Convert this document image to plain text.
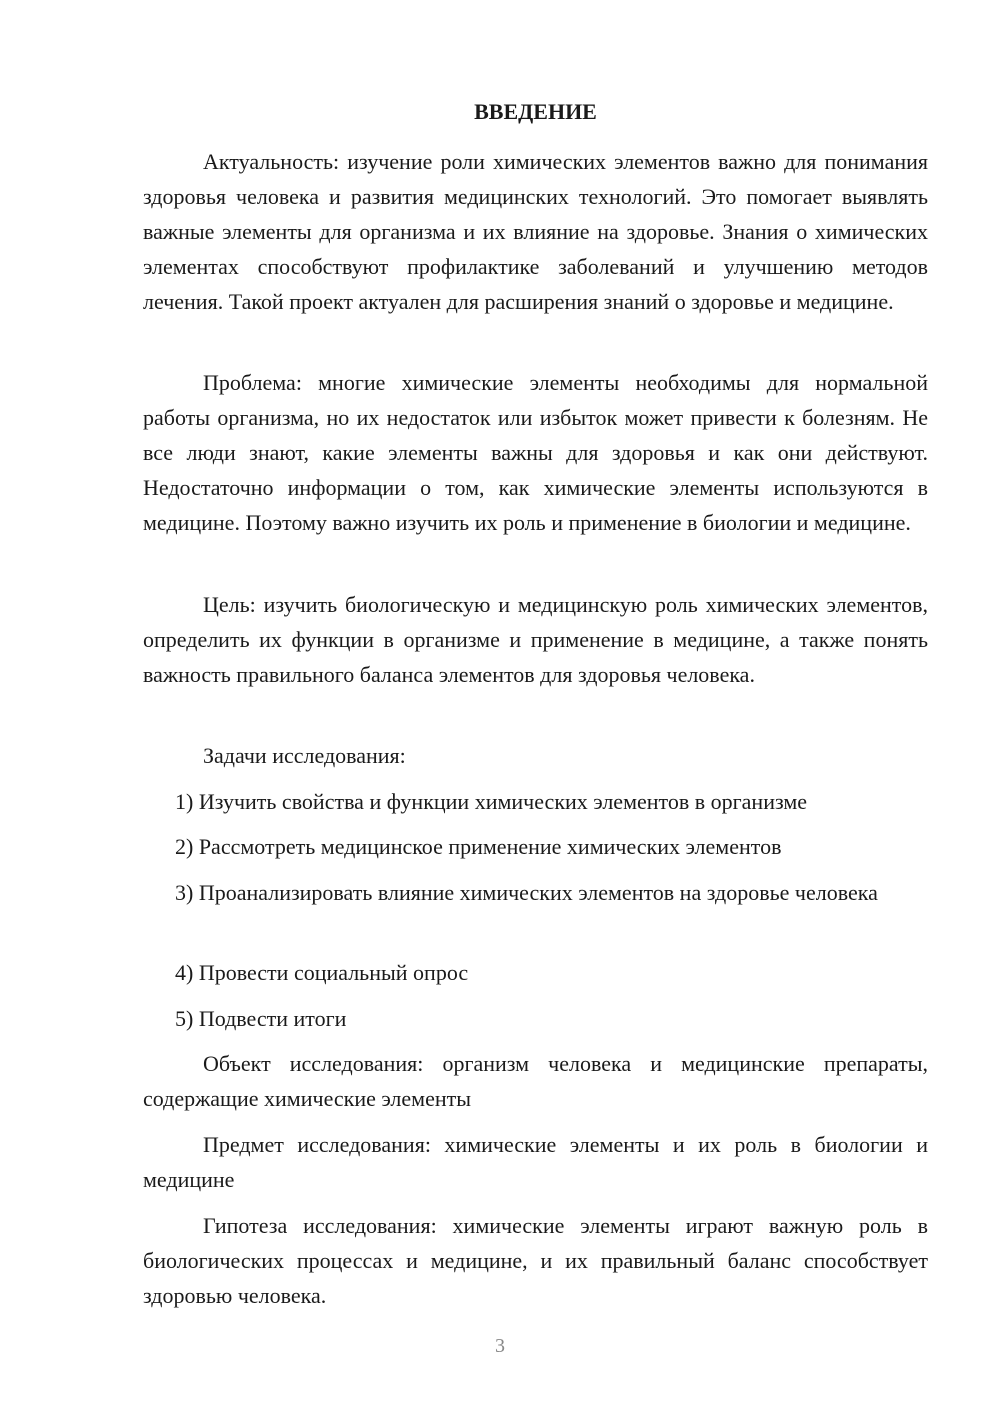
ВВЕДЕНИЕ

Актуальность: изучение роли химических элементов важно для понимания здоровья человека и развития медицинских технологий. Это помогает выявлять важные элементы для организма и их влияние на здоровье. Знания о химических элементах способствуют профилактике заболеваний и улучшению методов лечения. Такой проект актуален для расширения знаний о здоровье и медицине.

Проблема: многие химические элементы необходимы для нормальной работы организма, но их недостаток или избыток может привести к болезням. Не все люди знают, какие элементы важны для здоровья и как они действуют. Недостаточно информации о том, как химические элементы используются в медицине. Поэтому важно изучить их роль и применение в биологии и медицине.

Цель: изучить биологическую и медицинскую роль химических элементов, определить их функции в организме и применение в медицине, а также понять важность правильного баланса элементов для здоровья человека.

Задачи исследования:

1) Изучить свойства и функции химических элементов в организме

2) Рассмотреть медицинское применение химических элементов

3) Проанализировать влияние химических элементов на здоровье человека

4) Провести социальный опрос

5) Подвести итоги

Объект исследования: организм человека и медицинские препараты, содержащие химические элементы

Предмет исследования: химические элементы и их роль в биологии и медицине

Гипотеза исследования: химические элементы играют важную роль в биологических процессах и медицине, и их правильный баланс способствует здоровью человека.

3
